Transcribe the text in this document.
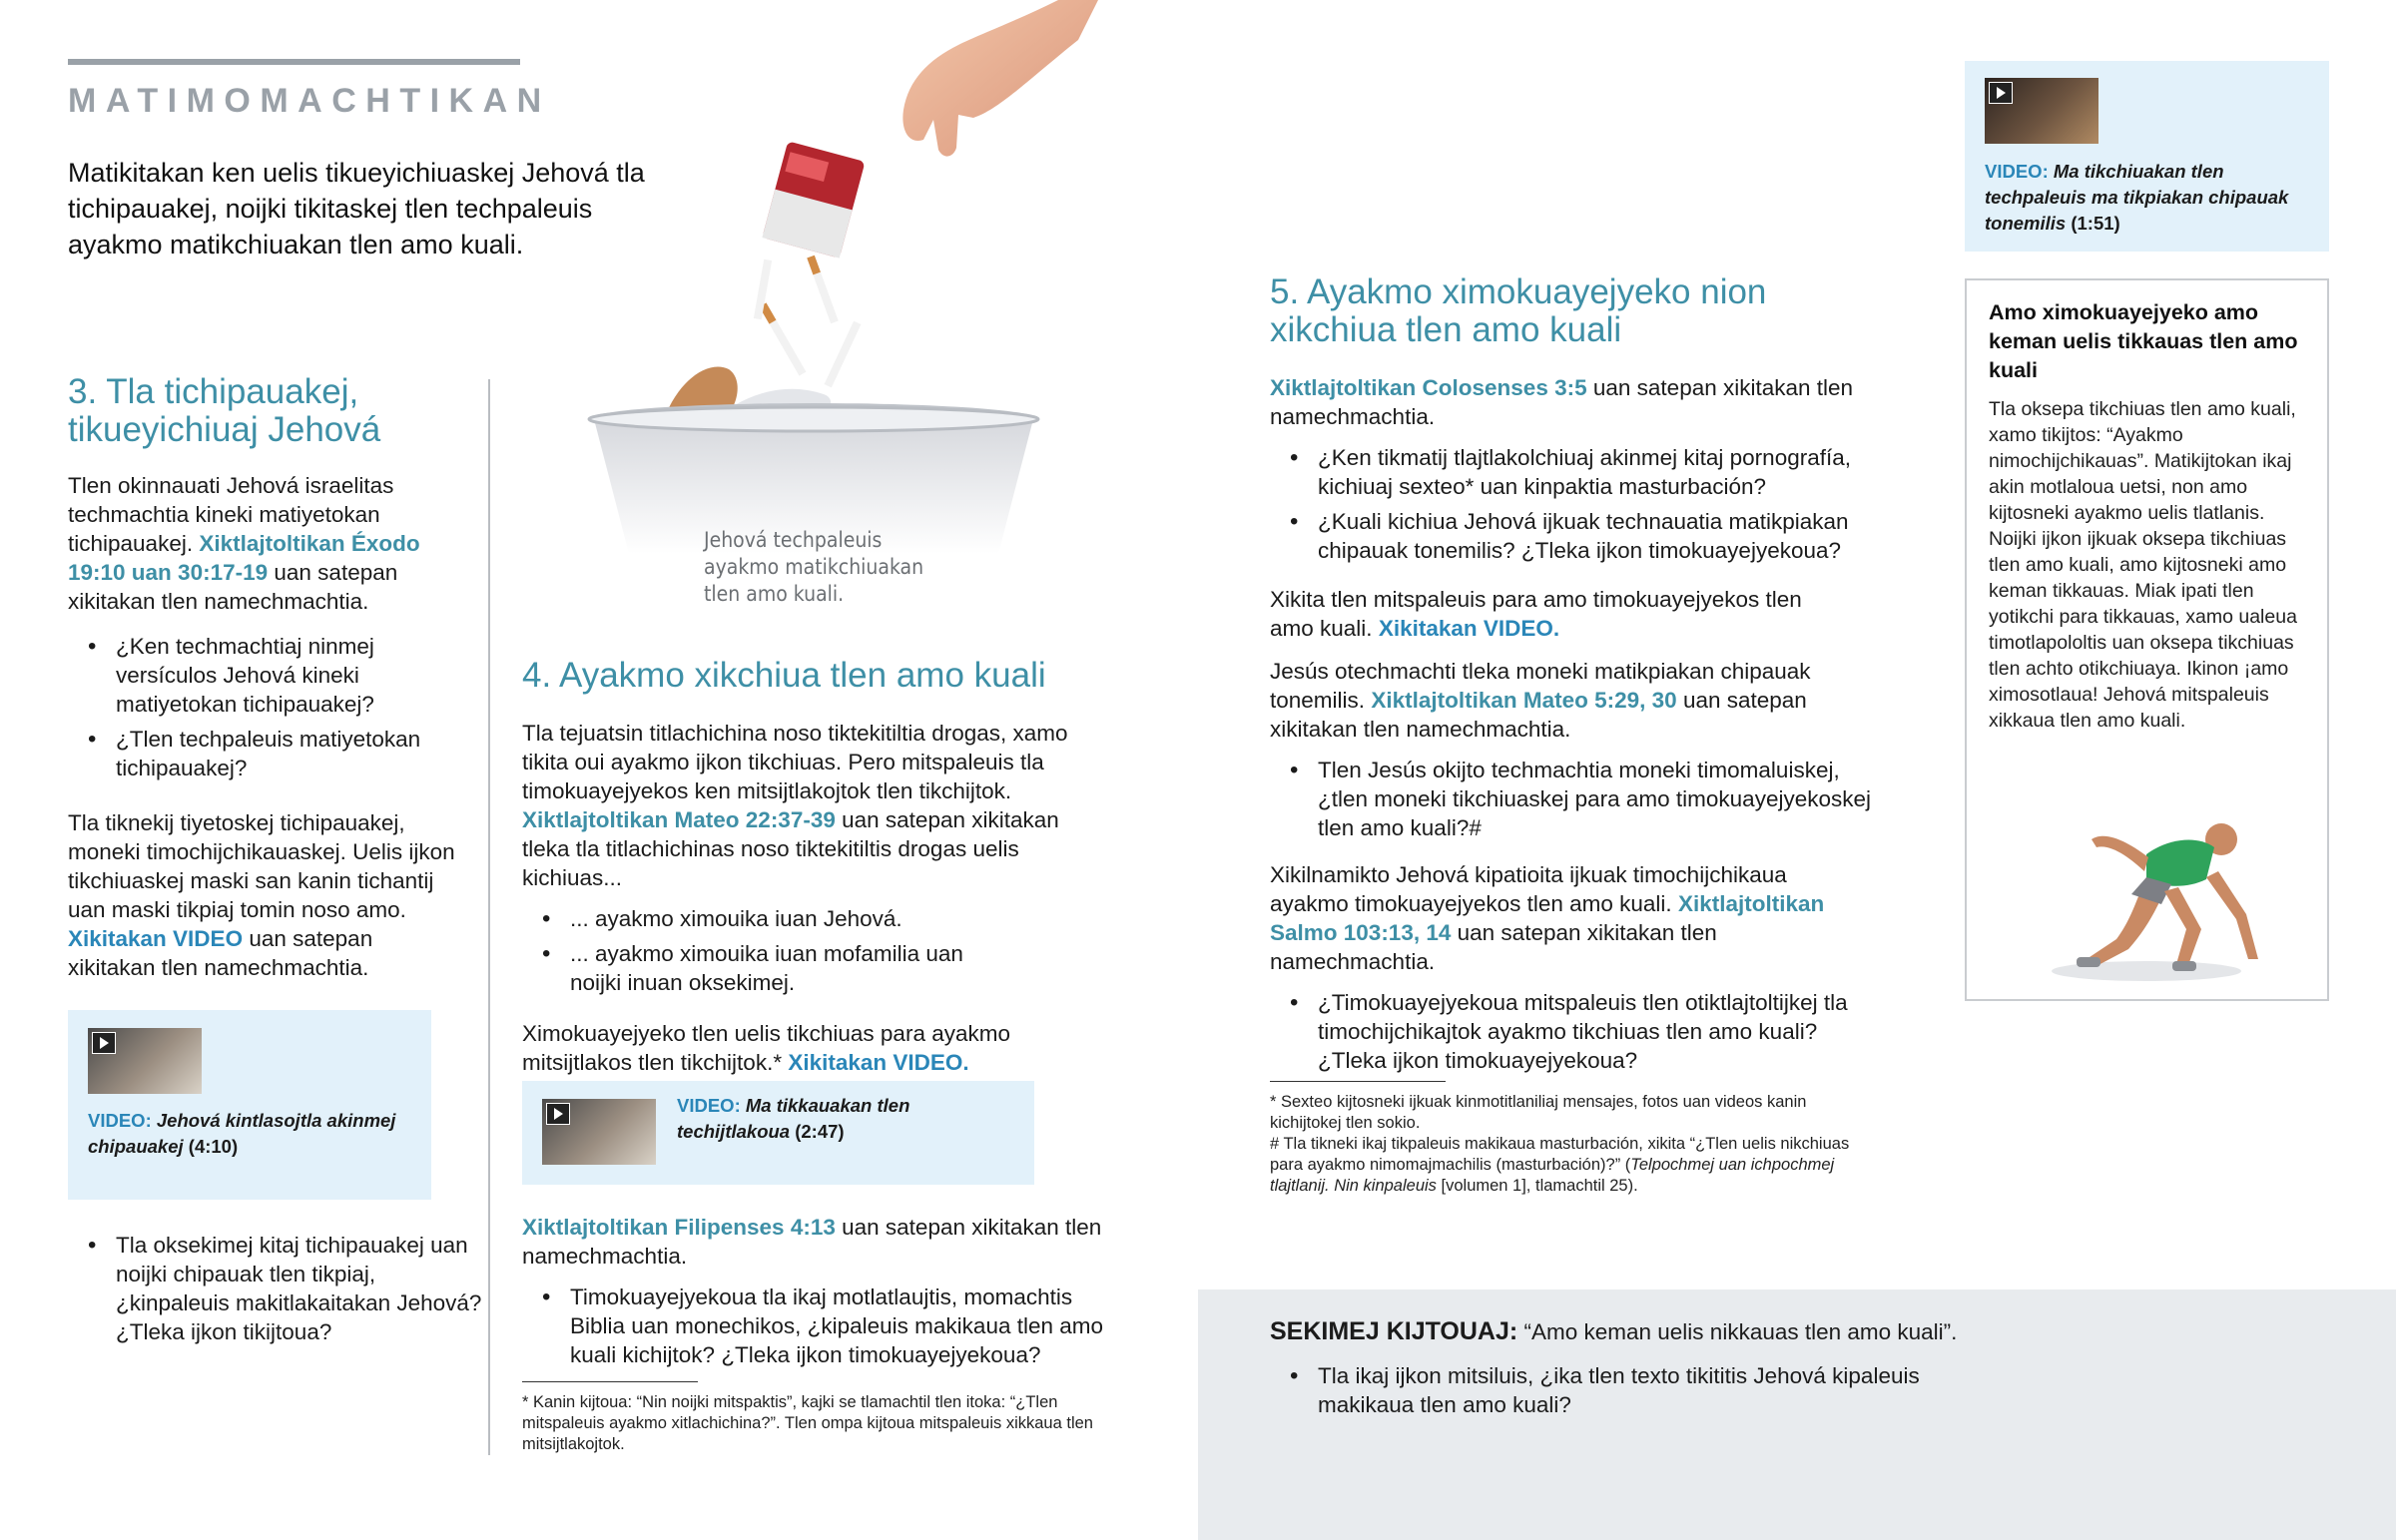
MATIMOMACHTIKAN

Matikitakan ken uelis tikueyichiuaskej Jehová tla tichipauakej, noijki tikitaskej tlen techpaleuis ayakmo matikchiuakan tlen amo kuali.

Jehová techpaleuis ayakmo matikchiuakan tlen amo kuali.

3. Tla tichipauakej, tikueyichiuaj Jehová

Tlen okinnauati Jehová israelitas techmachtia kineki matiyetokan tichipauakej. Xiktlajtoltikan Éxodo 19:10 uan 30:17-19 uan satepan xikitakan tlen namechmachtia.

• ¿Ken techmachtiaj ninmej versículos Jehová kineki matiyetokan tichipauakej?
• ¿Tlen techpaleuis matiyetokan tichipauakej?

Tla tiknekij tiyetoskej tichipauakej, moneki timochijchikauaskej. Uelis ijkon tikchiuaskej maski san kanin tichantij uan maski tikpiaj tomin noso amo. Xikitakan VIDEO uan satepan xikitakan tlen namechmachtia.

VIDEO: Jehová kintlasojtla akinmej chipauakej (4:10)

• Tla oksekimej kitaj tichipauakej uan noijki chipauak tlen tikpiaj, ¿kinpaleuis makitlakaitakan Jehová? ¿Tleka ijkon tikijtoua?
4. Ayakmo xikchiua tlen amo kuali

Tla tejuatsin titlachichina noso tiktekitiltia drogas, xamo tikita oui ayakmo ijkon tikchiuas. Pero mitspaleuis tla timokuayejyekos ken mitsijtlakojtok tlen tikchijtok. Xiktlajtoltikan Mateo 22:37-39 uan satepan xikitakan tleka tla titlachichinas noso tiktekitiltis drogas uelis kichiuas...

• ... ayakmo ximouika iuan Jehová.
• ... ayakmo ximouika iuan mofamilia uan noijki inuan oksekimej.

Ximokuayejyeko tlen uelis tikchiuas para ayakmo mitsijtlakos tlen tikchijtok.* Xikitakan VIDEO.

VIDEO: Ma tikkauakan tlen techijtlakoua (2:47)

Xiktlajtoltikan Filipenses 4:13 uan satepan xikitakan tlen namechmachtia.

• Timokuayejyekoua tla ikaj motlatlaujtis, momachtis Biblia uan monechikos, ¿kipaleuis makikaua tlen amo kuali kichijtok? ¿Tleka ijkon timokuayejyekoua?

* Kanin kijtoua: “Nin noijki mitspaktis”, kajki se tlamachtil tlen itoka: “¿Tlen mitspaleuis ayakmo xitlachichina?”. Tlen ompa kijtoua mitspaleuis xikkaua tlen mitsijtlakojtok.

5. Ayakmo ximokuayejyeko nion xikchiua tlen amo kuali

Xiktlajtoltikan Colosenses 3:5 uan satepan xikitakan tlen namechmachtia.

• ¿Ken tikmatij tlajtlakolchiuaj akinmej kitaj pornografía, kichiuaj sexteo* uan kinpaktia masturbación?
• ¿Kuali kichiua Jehová ijkuak technauatia matikpiakan chipauak tonemilis? ¿Tleka ijkon timokuayejyekoua?

Xikita tlen mitspaleuis para amo timokuayejyekos tlen amo kuali. Xikitakan VIDEO.

Jesús otechmachti tleka moneki matikpiakan chipauak tonemilis. Xiktlajtoltikan Mateo 5:29, 30 uan satepan xikitakan tlen namechmachtia.

• Tlen Jesús okijto techmachtia moneki timomaluiskej, ¿tlen moneki tikchiuaskej para amo timokuayejyekoskej tlen amo kuali?#

Xikilnamikto Jehová kipatioita ijkuak timochijchikaua ayakmo timokuayejyekos tlen amo kuali. Xiktlajtoltikan Salmo 103:13, 14 uan satepan xikitakan tlen namechmachtia.

• ¿Timokuayejyekoua mitspaleuis tlen otiktlajtoltijkej tla timochijchikajtok ayakmo tikchiuas tlen amo kuali? ¿Tleka ijkon timokuayejyekoua?

* Sexteo kijtosneki ijkuak kinmotitlaniliaj mensajes, fotos uan videos kanin kichijtokej tlen sokio.

# Tla tikneki ikaj tikpaleuis makikaua masturbación, xikita “¿Tlen uelis nikchiuas para ayakmo nimomajmachilis (masturbación)?” (Telpochmej uan ichpochmej tlajtlanij. Nin kinpaleuis [volumen 1], tlamachtil 25).

VIDEO: Ma tikchiuakan tlen techpaleuis ma tikpiakan chipauak tonemilis (1:51)

Amo ximokuayejyeko amo keman uelis tikkauas tlen amo kuali

Tla oksepa tikchiuas tlen amo kuali, xamo tikijtos: “Ayakmo nimochijchikauas”. Matikijtokan ikaj akin motlaloua uetsi, non amo kijtosneki ayakmo uelis tlatlanis. Noijki ijkon ijkuak oksepa tikchiuas tlen amo kuali, amo kijtosneki amo keman tikkauas. Miak ipati tlen yotikchi para tikkauas, xamo ualeua timotlapololtis uan oksepa tikchiuas tlen achto otikchiuaya. Ikinon ¡amo ximosotlaua! Jehová mitspaleuis xikkaua tlen amo kuali.

SEKIMEJ KIJTOUAJ: “Amo keman uelis nikkauas tlen amo kuali”.

• Tla ikaj ijkon mitsiluis, ¿ika tlen texto tikititis Jehová kipaleuis makikaua tlen amo kuali?
